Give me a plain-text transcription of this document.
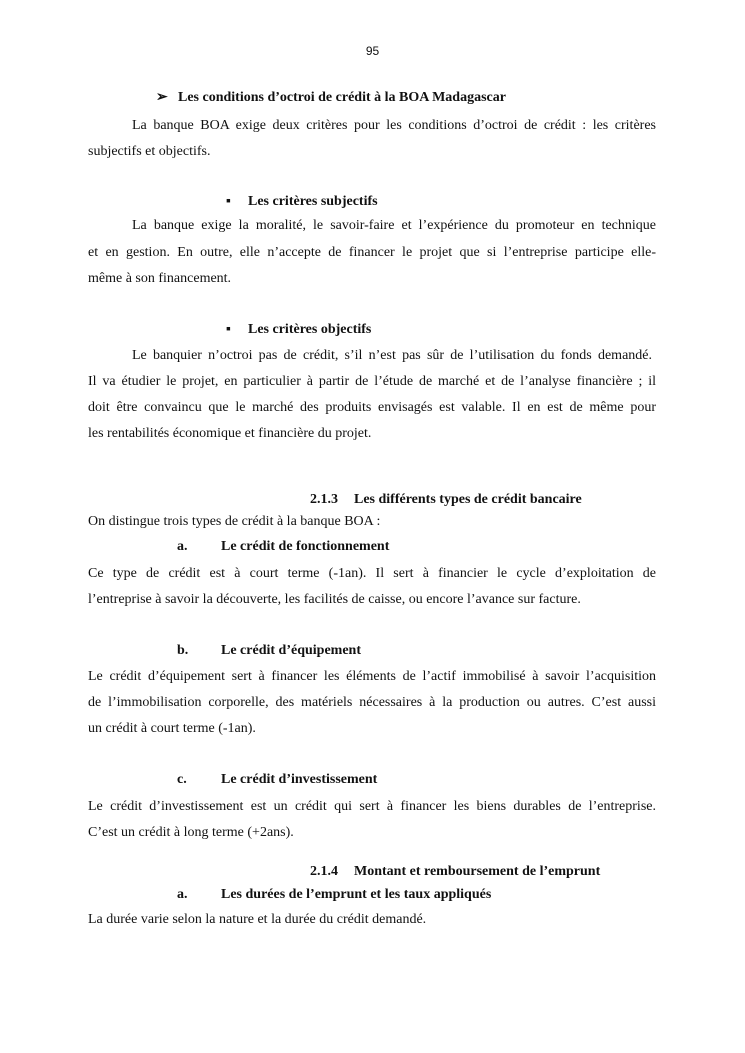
95
➢ Les conditions d’octroi de crédit à la BOA Madagascar
La banque BOA exige deux critères pour les conditions d’octroi de crédit : les critères
subjectifs et objectifs.
▪ Les critères subjectifs
La banque exige la moralité, le savoir-faire et l’expérience du promoteur en technique
et en gestion. En outre, elle n’accepte de financer le projet que si l’entreprise participe elle-
même à son financement.
▪ Les critères objectifs
Le banquier n’octroi pas de crédit, s’il n’est pas sûr de l’utilisation du fonds demandé.
Il va étudier le projet, en particulier à partir de l’étude de marché et de l’analyse financière ; il
doit être convaincu que le marché des produits envisagés est valable. Il en est de même pour
les rentabilités économique et financière du projet.
2.1.3 Les différents types de crédit bancaire
On distingue trois types de crédit à la banque BOA :
a. Le crédit de fonctionnement
Ce type de crédit est à court terme (-1an). Il sert à financier le cycle d’exploitation de
l’entreprise à savoir la découverte, les facilités de caisse, ou encore l’avance sur facture.
b. Le crédit d’équipement
Le crédit d’équipement sert à financer les éléments de l’actif immobilisé à savoir l’acquisition
de l’immobilisation corporelle, des matériels nécessaires à la production ou autres. C’est aussi
un crédit à court terme (-1an).
c. Le crédit d’investissement
Le crédit d’investissement est un crédit qui sert à financer les biens durables de l’entreprise.
C’est un crédit à long terme (+2ans).
2.1.4 Montant et remboursement de l’emprunt
a. Les durées de l’emprunt et les taux appliqués
La durée varie selon la nature et la durée du crédit demandé.
